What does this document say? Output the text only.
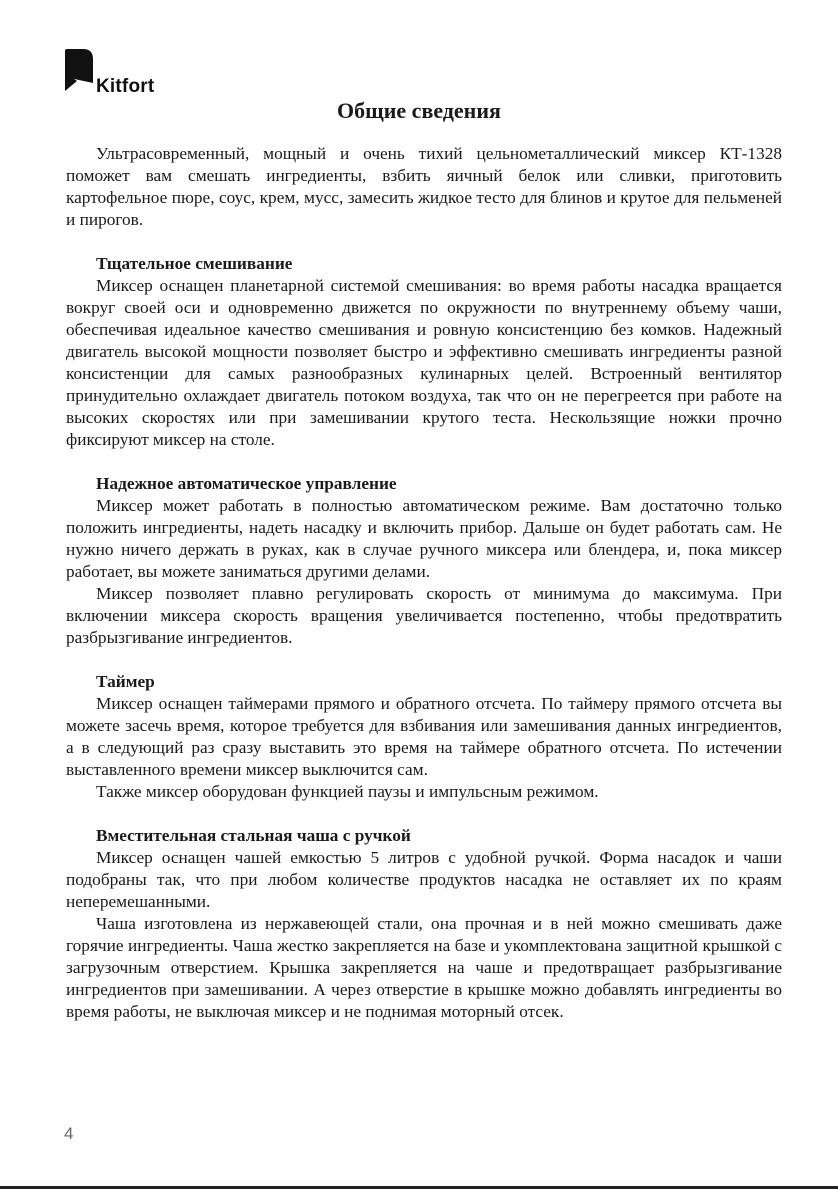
Kitfort
Общие сведения

Ультрасовременный, мощный и очень тихий цельнометаллический миксер КТ-1328 поможет вам смешать ингредиенты, взбить яичный белок или сливки, приготовить картофельное пюре, соус, крем, мусс, замесить жидкое тесто для блинов и крутое для пельменей и пирогов.

Тщательное смешивание

Миксер оснащен планетарной системой смешивания: во время работы насадка вращается вокруг своей оси и одновременно движется по окружности по внутреннему объему чаши, обеспечивая идеальное качество смешивания и ровную консистенцию без комков. Надежный двигатель высокой мощности позволяет быстро и эффективно смешивать ингредиенты разной консистенции для самых разнообразных кулинарных целей. Встроенный вентилятор принудительно охлаждает двигатель потоком воздуха, так что он не перегреется при работе на высоких скоростях или при замешивании крутого теста. Нескользящие ножки прочно фиксируют миксер на столе.

Надежное автоматическое управление

Миксер может работать в полностью автоматическом режиме. Вам достаточно только положить ингредиенты, надеть насадку и включить прибор. Дальше он будет работать сам. Не нужно ничего держать в руках, как в случае ручного миксера или блендера, и, пока миксер работает, вы можете заниматься другими делами.

Миксер позволяет плавно регулировать скорость от минимума до максимума. При включении миксера скорость вращения увеличивается постепенно, чтобы предотвратить разбрызгивание ингредиентов.

Таймер

Миксер оснащен таймерами прямого и обратного отсчета. По таймеру прямого отсчета вы можете засечь время, которое требуется для взбивания или замешивания данных ингредиентов, а в следующий раз сразу выставить это время на таймере обратного отсчета. По истечении выставленного времени миксер выключится сам.

Также миксер оборудован функцией паузы и импульсным режимом.

Вместительная стальная чаша с ручкой

Миксер оснащен чашей емкостью 5 литров с удобной ручкой. Форма насадок и чаши подобраны так, что при любом количестве продуктов насадка не оставляет их по краям неперемешанными.

Чаша изготовлена из нержавеющей стали, она прочная и в ней можно смешивать даже горячие ингредиенты. Чаша жестко закрепляется на базе и укомплектована защитной крышкой с загрузочным отверстием. Крышка закрепляется на чаше и предотвращает разбрызгивание ингредиентов при замешивании. А через отверстие в крышке можно добавлять ингредиенты во время работы, не выключая миксер и не поднимая моторный отсек.

4
